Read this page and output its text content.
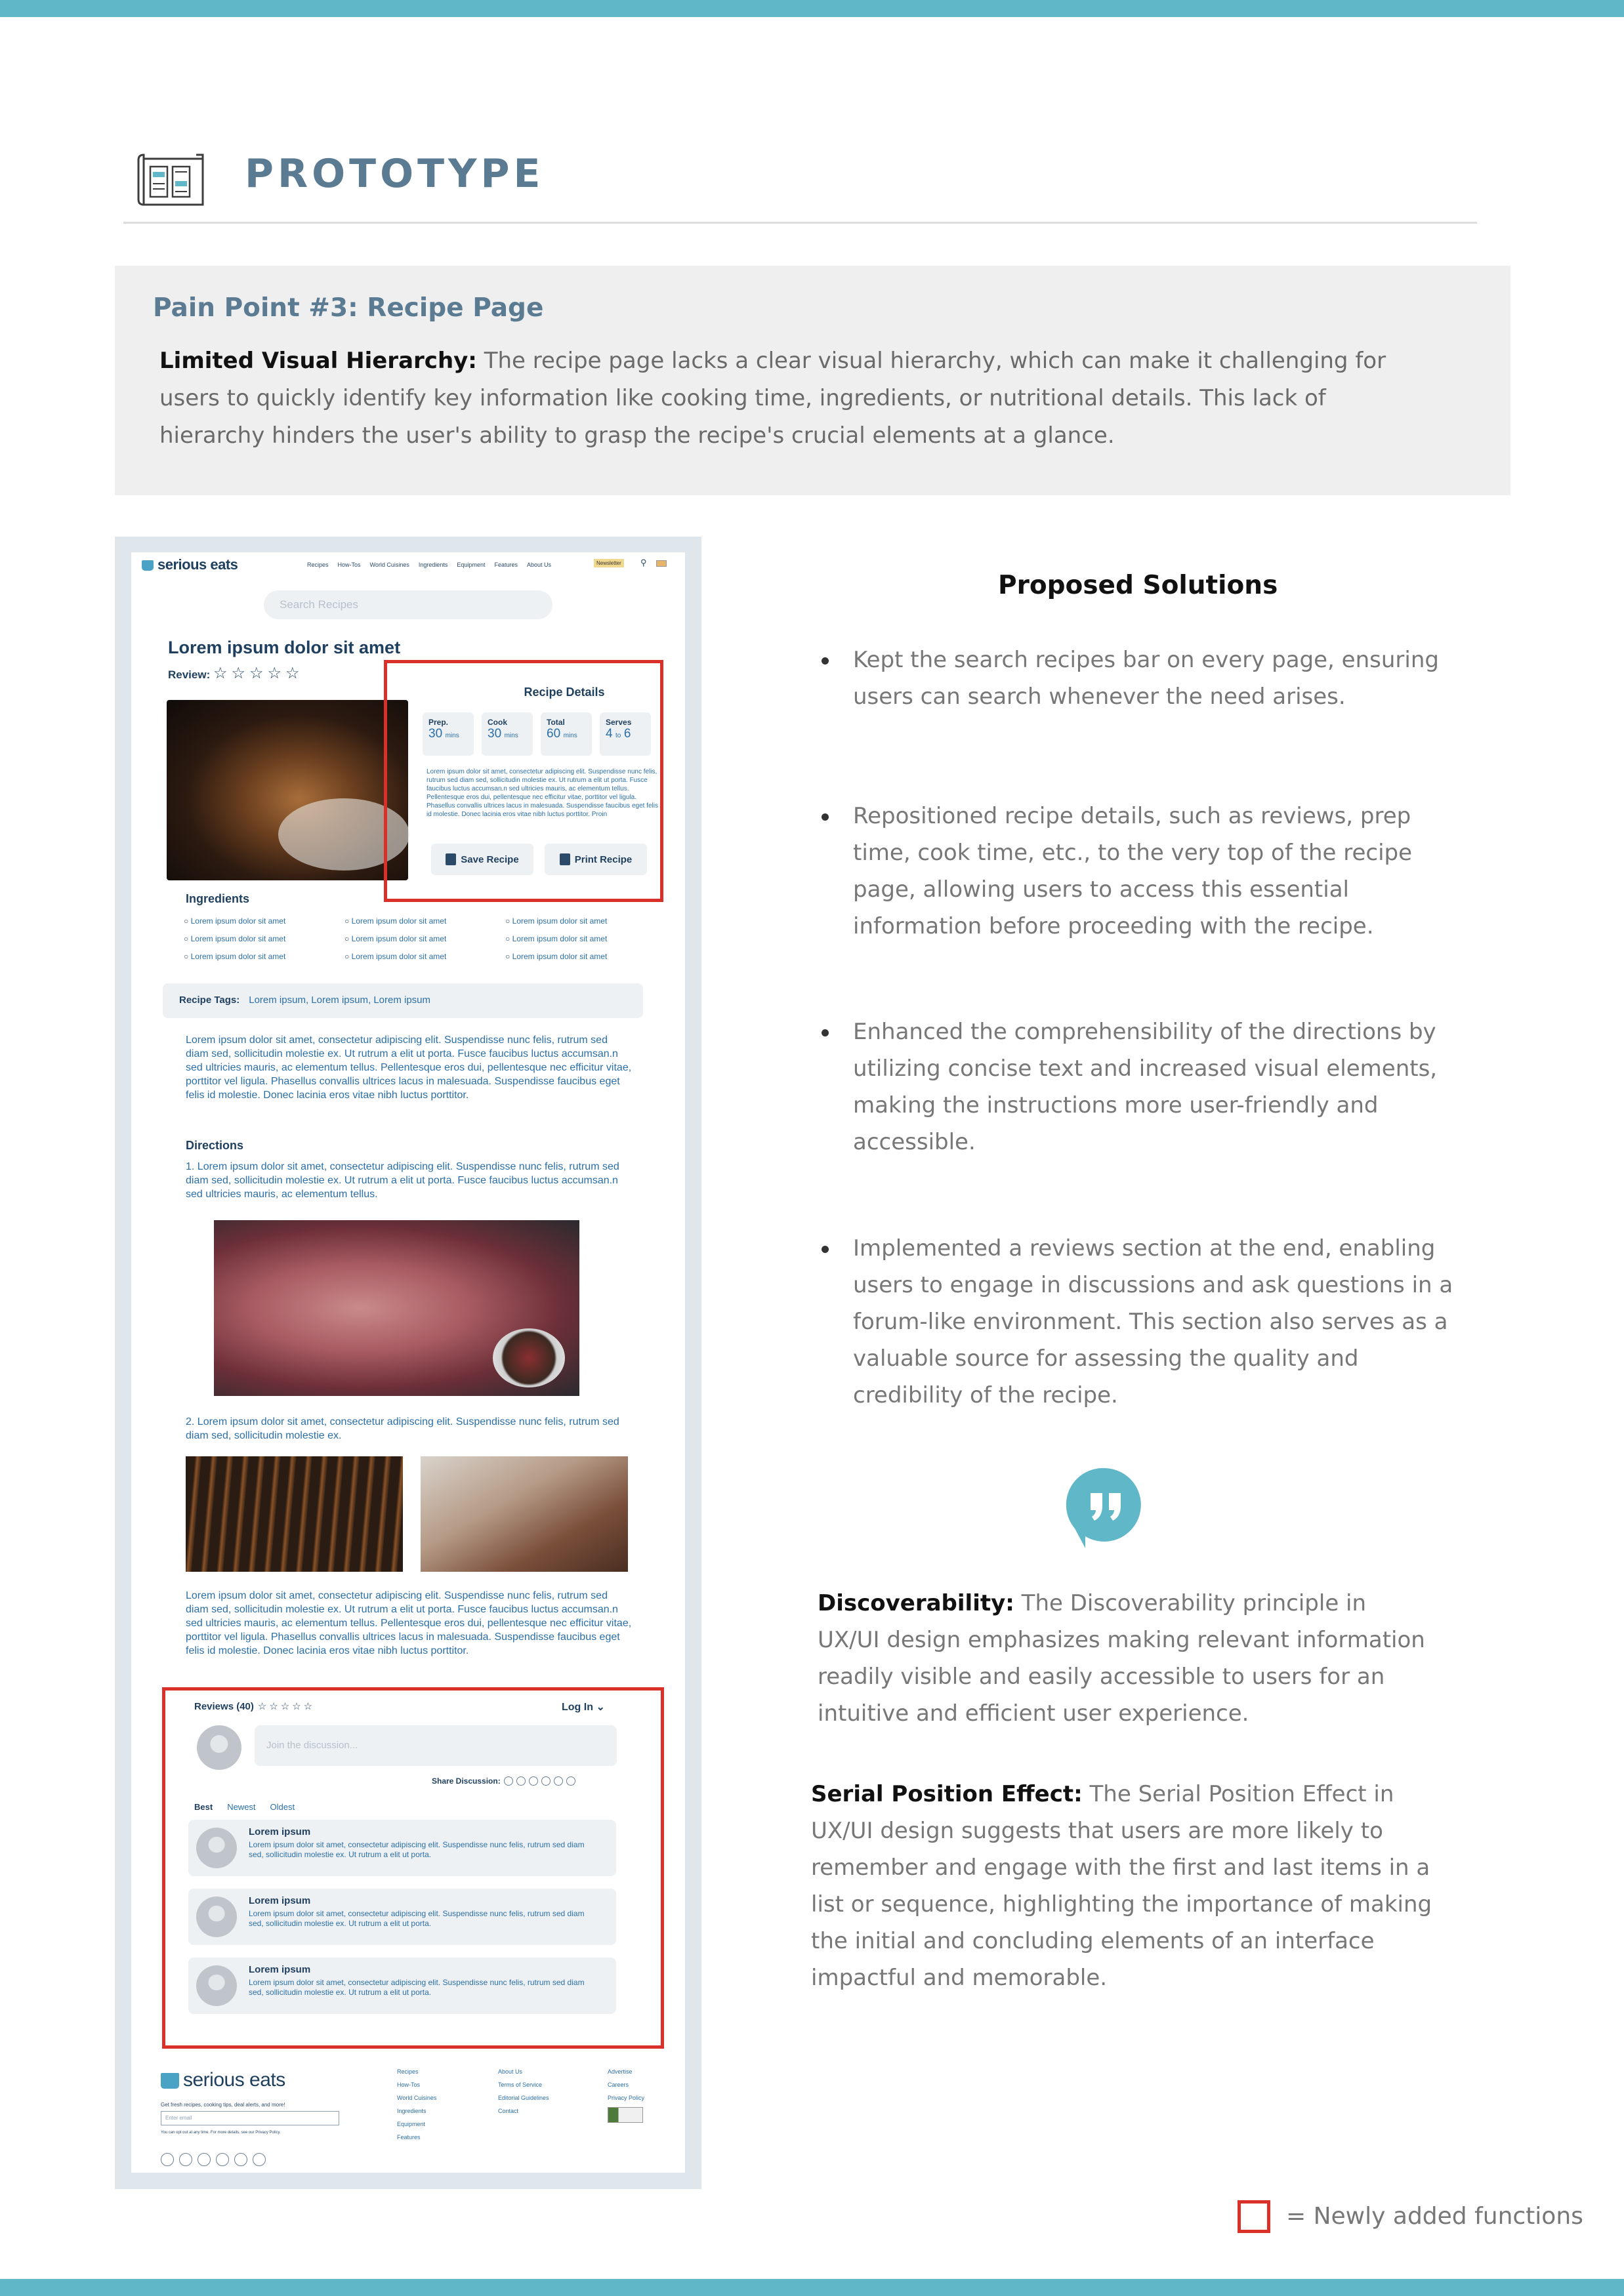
PROTOTYPE
Pain Point #3: Recipe Page
Limited Visual Hierarchy: The recipe page lacks a clear visual hierarchy, which can make it challenging for users to quickly identify key information like cooking time, ingredients, or nutritional details. This lack of hierarchy hinders the user's ability to grasp the recipe's crucial elements at a glance.
serious eats	Recipes How-Tos World Cuisines Ingredients Equipment Features About Us	Newsletter	⚲
Search Recipes
Lorem ipsum dolor sit amet
Review: ☆☆☆☆☆
Recipe Details
Prep.
30 mins
Cook
30 mins
Total
60 mins
Serves
4 to 6
Lorem ipsum dolor sit amet, consectetur adipiscing elit. Suspendisse nunc felis, rutrum sed diam sed, sollicitudin molestie ex. Ut rutrum a elit ut porta. Fusce faucibus luctus accumsan.n sed ultricies mauris, ac elementum tellus. Pellentesque eros dui, pellentesque nec efficitur vitae, porttitor vel ligula. Phasellus convallis ultrices lacus in malesuada. Suspendisse faucibus eget felis id molestie. Donec lacinia eros vitae nibh luctus porttitor. Proin
Save Recipe	Print Recipe
Ingredients
○ Lorem ipsum dolor sit amet	○ Lorem ipsum dolor sit amet	○ Lorem ipsum dolor sit amet
○ Lorem ipsum dolor sit amet	○ Lorem ipsum dolor sit amet	○ Lorem ipsum dolor sit amet
○ Lorem ipsum dolor sit amet	○ Lorem ipsum dolor sit amet	○ Lorem ipsum dolor sit amet
Recipe Tags: Lorem ipsum, Lorem ipsum, Lorem ipsum
Lorem ipsum dolor sit amet, consectetur adipiscing elit. Suspendisse nunc felis, rutrum sed diam sed, sollicitudin molestie ex. Ut rutrum a elit ut porta. Fusce faucibus luctus accumsan.n sed ultricies mauris, ac elementum tellus. Pellentesque eros dui, pellentesque nec efficitur vitae, porttitor vel ligula. Phasellus convallis ultrices lacus in malesuada. Suspendisse faucibus eget felis id molestie. Donec lacinia eros vitae nibh luctus porttitor.
Directions
1. Lorem ipsum dolor sit amet, consectetur adipiscing elit. Suspendisse nunc felis, rutrum sed diam sed, sollicitudin molestie ex. Ut rutrum a elit ut porta. Fusce faucibus luctus accumsan.n sed ultricies mauris, ac elementum tellus.
2. Lorem ipsum dolor sit amet, consectetur adipiscing elit. Suspendisse nunc felis, rutrum sed diam sed, sollicitudin molestie ex.
Lorem ipsum dolor sit amet, consectetur adipiscing elit. Suspendisse nunc felis, rutrum sed diam sed, sollicitudin molestie ex. Ut rutrum a elit ut porta. Fusce faucibus luctus accumsan.n sed ultricies mauris, ac elementum tellus. Pellentesque eros dui, pellentesque nec efficitur vitae, porttitor vel ligula. Phasellus convallis ultrices lacus in malesuada. Suspendisse faucibus eget felis id molestie. Donec lacinia eros vitae nibh luctus porttitor.
Reviews (40) ☆☆☆☆☆	Log In ⌄
Join the discussion...
Share Discussion:
Best Newest Oldest
Lorem ipsum
Lorem ipsum dolor sit amet, consectetur adipiscing elit. Suspendisse nunc felis, rutrum sed diam sed, sollicitudin molestie ex. Ut rutrum a elit ut porta.
Lorem ipsum
Lorem ipsum dolor sit amet, consectetur adipiscing elit. Suspendisse nunc felis, rutrum sed diam sed, sollicitudin molestie ex. Ut rutrum a elit ut porta.
Lorem ipsum
Lorem ipsum dolor sit amet, consectetur adipiscing elit. Suspendisse nunc felis, rutrum sed diam sed, sollicitudin molestie ex. Ut rutrum a elit ut porta.
serious eats
Get fresh recipes, cooking tips, deal alerts, and more!
Enter email
You can opt out at any time. For more details, see our Privacy Policy.
Recipes
How-Tos
World Cuisines
Ingredients
Equipment
Features
About Us
Terms of Service
Editorial Guidelines
Contact
Advertise
Careers
Privacy Policy
Proposed Solutions
Kept the search recipes bar on every page, ensuring users can search whenever the need arises.
Repositioned recipe details, such as reviews, prep time, cook time, etc., to the very top of the recipe page, allowing users to access this essential information before proceeding with the recipe.
Enhanced the comprehensibility of the directions by utilizing concise text and increased visual elements, making the instructions more user-friendly and accessible.
Implemented a reviews section at the end, enabling users to engage in discussions and ask questions in a forum-like environment. This section also serves as a valuable source for assessing the quality and credibility of the recipe.
Discoverability: The Discoverability principle in UX/UI design emphasizes making relevant information readily visible and easily accessible to users for an intuitive and efficient user experience.
Serial Position Effect: The Serial Position Effect in UX/UI design suggests that users are more likely to remember and engage with the first and last items in a list or sequence, highlighting the importance of making the initial and concluding elements of an interface impactful and memorable.
= Newly added functions
